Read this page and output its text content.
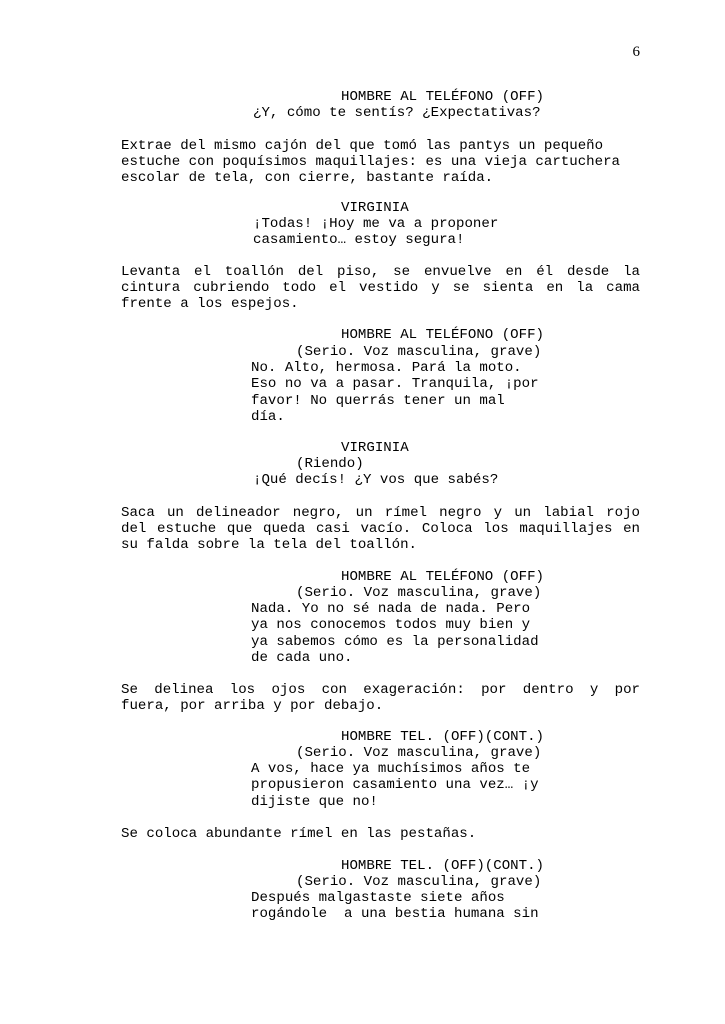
6
HOMBRE AL TELÉFONO (OFF)
¿Y, cómo te sentís? ¿Expectativas?
Extrae del mismo cajón del que tomó las pantys un pequeño
estuche con poquísimos maquillajes: es una vieja cartuchera
escolar de tela, con cierre, bastante raída.
VIRGINIA
¡Todas! ¡Hoy me va a proponer
casamiento… estoy segura!
Levanta el toallón del piso, se envuelve en él desde la
cintura cubriendo todo el vestido y se sienta en la cama
frente a los espejos.
HOMBRE AL TELÉFONO (OFF)
(Serio. Voz masculina, grave)
No. Alto, hermosa. Pará la moto.
Eso no va a pasar. Tranquila, ¡por
favor! No querrás tener un mal
día.
VIRGINIA
(Riendo)
¡Qué decís! ¿Y vos que sabés?
Saca un delineador negro, un rímel negro y un labial rojo
del estuche que queda casi vacío. Coloca los maquillajes en
su falda sobre la tela del toallón.
HOMBRE AL TELÉFONO (OFF)
(Serio. Voz masculina, grave)
Nada. Yo no sé nada de nada. Pero
ya nos conocemos todos muy bien y
ya sabemos cómo es la personalidad
de cada uno.
Se delinea los ojos con exageración: por dentro y por
fuera, por arriba y por debajo.
HOMBRE TEL. (OFF)(CONT.)
(Serio. Voz masculina, grave)
A vos, hace ya muchísimos años te
propusieron casamiento una vez… ¡y
dijiste que no!
Se coloca abundante rímel en las pestañas.
HOMBRE TEL. (OFF)(CONT.)
(Serio. Voz masculina, grave)
Después malgastaste siete años
rogándole  a una bestia humana sin
